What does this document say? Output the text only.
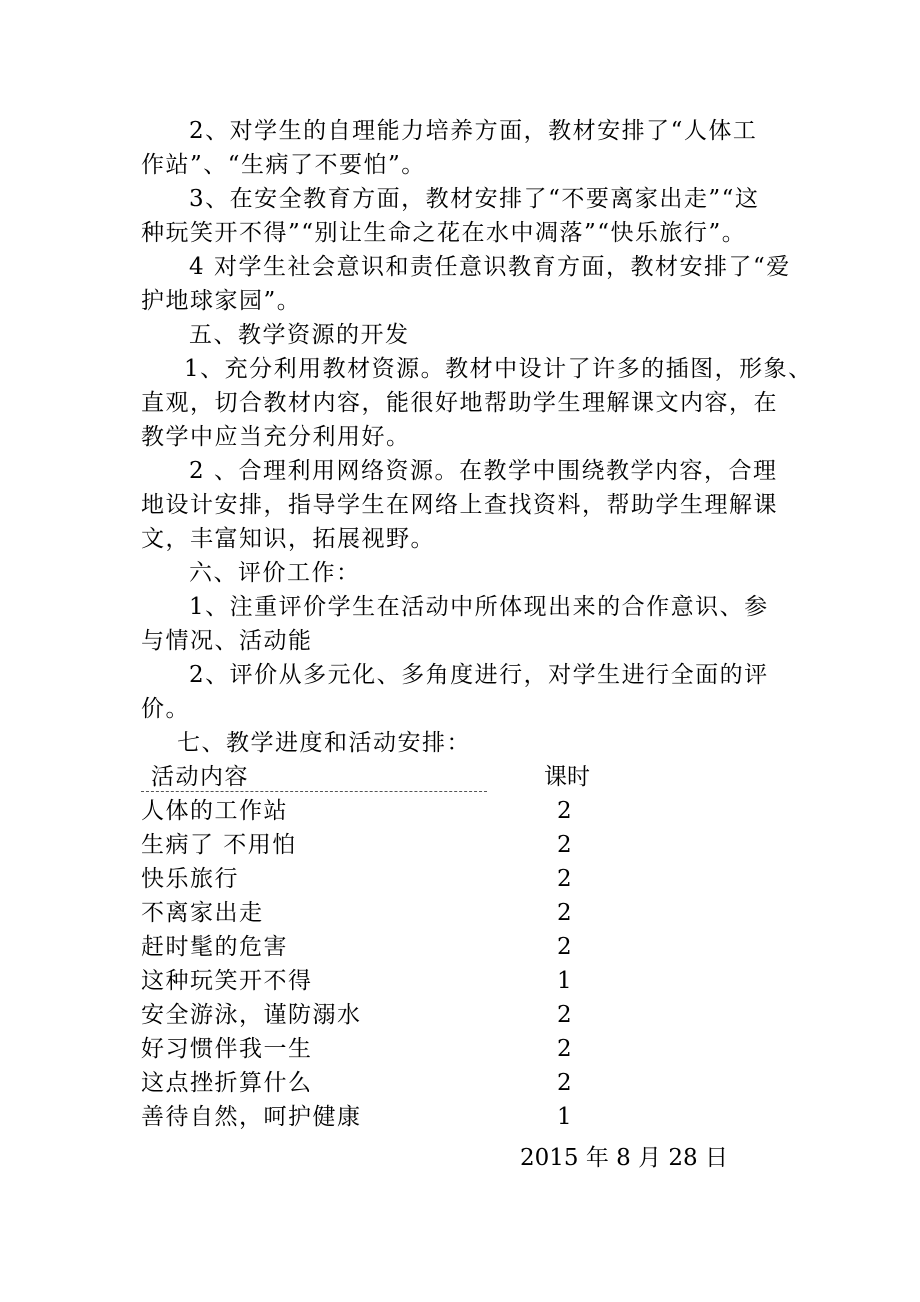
2、对学生的自理能力培养方面，教材安排了“人体工
作站”、“生病了不要怕”。
3、在安全教育方面，教材安排了“不要离家出走”“这
种玩笑开不得”“别让生命之花在水中凋落”“快乐旅行”。
4 对学生社会意识和责任意识教育方面，教材安排了“爱
护地球家园”。
五、教学资源的开发
1、充分利用教材资源。教材中设计了许多的插图，形象、
直观，切合教材内容，能很好地帮助学生理解课文内容，在
教学中应当充分利用好。
2 、合理利用网络资源。在教学中围绕教学内容，合理
地设计安排，指导学生在网络上查找资料，帮助学生理解课
文，丰富知识，拓展视野。
六、评价工作：
1、注重评价学生在活动中所体现出来的合作意识、参
与情况、活动能
2、评价从多元化、多角度进行，对学生进行全面的评
价。
七、教学进度和活动安排：
活动内容	课时
人体的工作站	2
生病了 不用怕	2
快乐旅行	2
不离家出走	2
赶时髦的危害	2
这种玩笑开不得	1
安全游泳，谨防溺水	2
好习惯伴我一生	2
这点挫折算什么	2
善待自然，呵护健康	1
2015 年 8 月 28 日
